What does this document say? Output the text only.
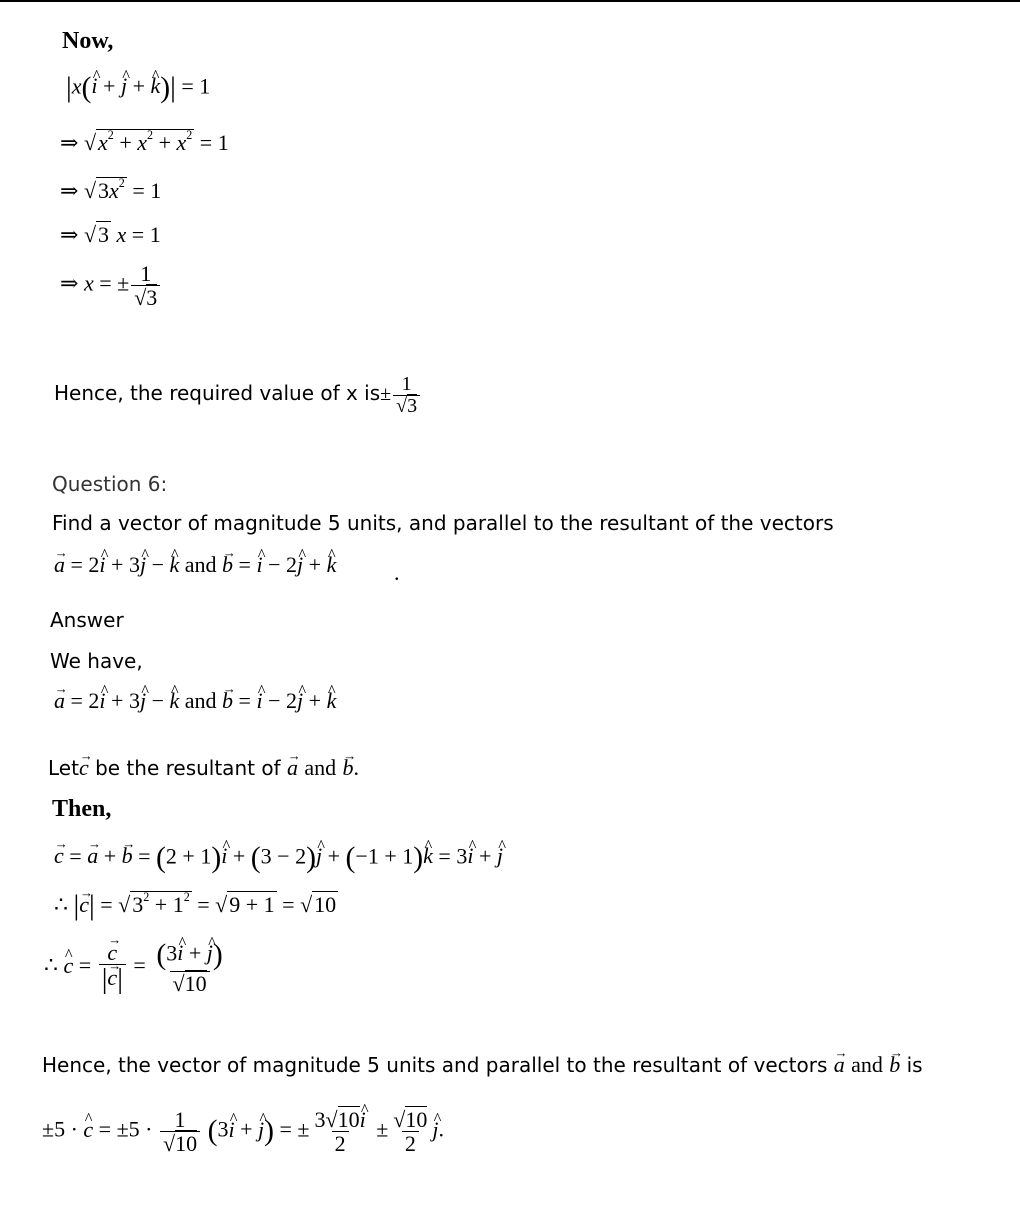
Now,
|x(^ i + ^ j + ^ k)| = 1
⇒ $√x^2 + x^2 + x^2 = 1$
⇒ $√3x^2 = 1$
⇒ √3 x = 1
⇒ x = ± $\frac{1}{√3}$
Hence, the required value of x $is\pm \frac{1}{√3}$
Question 6:
Find a vector of magnitude 5 units, and parallel to the resultant of the vectors
→ a = 2^ i + 3^ j − ^ k and → b = ^ i − 2^ j + ^ k	.
Answer
We have,
→ a = 2^ i + 3^ j − ^ k and → b = ^ i − 2^ j + ^ k
Let→ c be the resultant of → a and → b.
Then,
→ c = → a + → b = (2 + 1)^ i + (3 − 2)^ j + (−1 + 1)^ k = 3^ i + ^ j
∴ |→ $c| = √3^2 + 1^2 = √9 + 1 = √10$
∴ ^ c = → $\frac{c}{|\to c|} = \frac{(3\^{} i + \^{} j)}{√10}$
Hence, the vector of magnitude 5 units and parallel to the resultant of vectors → a and → b is
±5 · ^ $c = \pm 5 \cdot \frac{1}{√10}$ (3^ i + ^ j) = ± $\frac{3√10\^{} i}{2} \pm \frac{√10}{2}$ ^ j.
